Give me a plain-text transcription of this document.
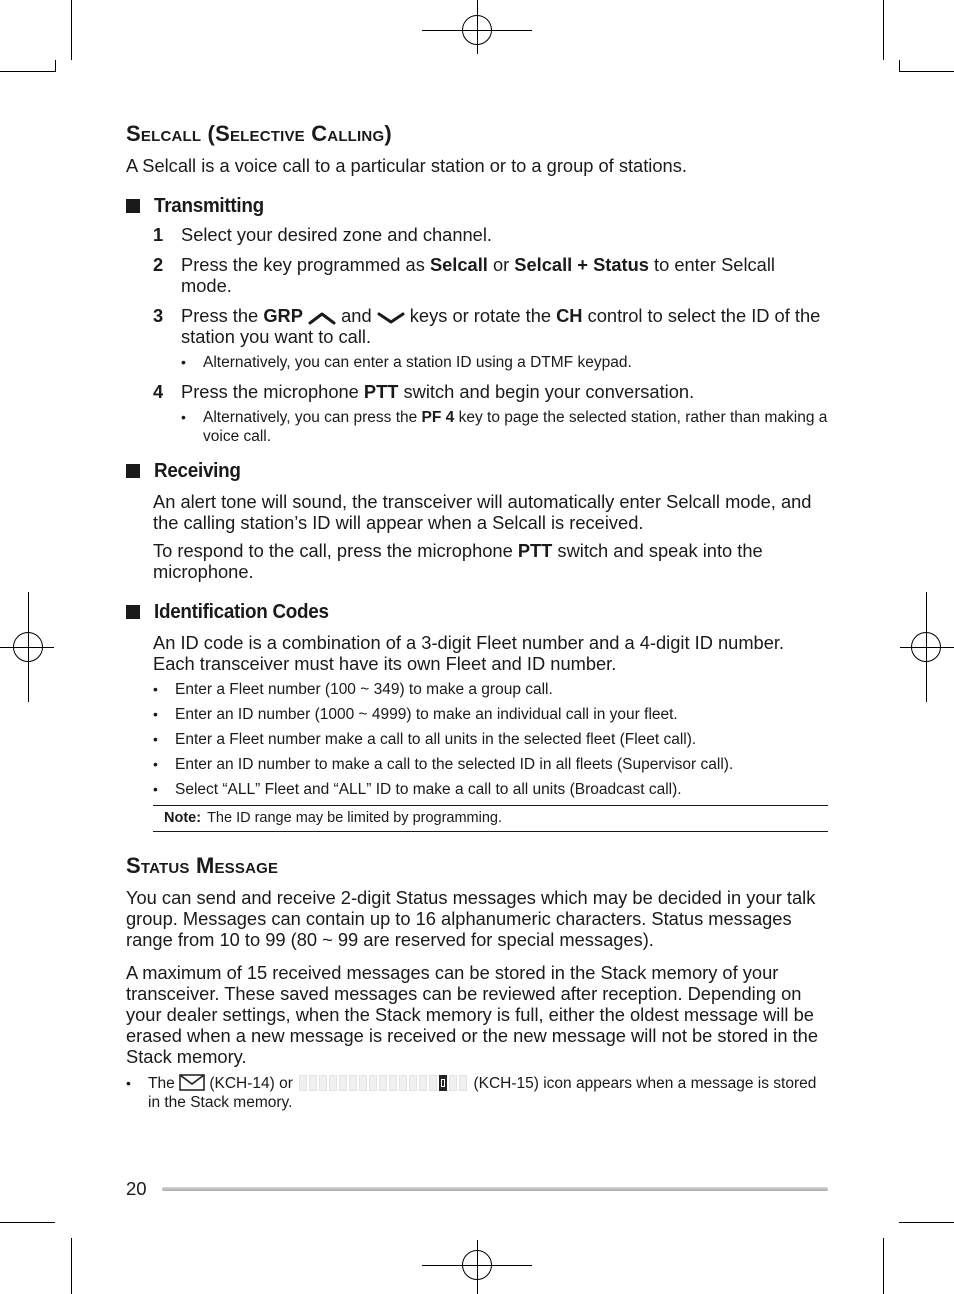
Selcall (Selective Calling)

A Selcall is a voice call to a particular station or to a group of stations.

Transmitting
1 Select your desired zone and channel.
2 Press the key programmed as Selcall or Selcall + Status to enter Selcall mode.
3 Press the GRP  and  keys or rotate the CH control to select the ID of the station you want to call.
• Alternatively, you can enter a station ID using a DTMF keypad.
4 Press the microphone PTT switch and begin your conversation.
• Alternatively, you can press the PF 4 key to page the selected station, rather than making a voice call.
Receiving

An alert tone will sound, the transceiver will automatically enter Selcall mode, and the calling station’s ID will appear when a Selcall is received.

To respond to the call, press the microphone PTT switch and speak into the microphone.

Identification Codes

An ID code is a combination of a 3-digit Fleet number and a 4-digit ID number. Each transceiver must have its own Fleet and ID number.

• Enter a Fleet number (100 ~ 349) to make a group call.
• Enter an ID number (1000 ~ 4999) to make an individual call in your fleet.
• Enter a Fleet number make a call to all units in the selected fleet (Fleet call).
• Enter an ID number to make a call to the selected ID in all fleets (Supervisor call).
• Select “ALL” Fleet and “ALL” ID to make a call to all units (Broadcast call).
Note: The ID range may be limited by programming.
Status Message

You can send and receive 2-digit Status messages which may be decided in your talk group. Messages can contain up to 16 alphanumeric characters. Status messages range from 10 to 99 (80 ~ 99 are reserved for special messages).

A maximum of 15 received messages can be stored in the Stack memory of your transceiver. These saved messages can be reviewed after reception. Depending on your dealer settings, when the Stack memory is full, either the oldest message will be erased when a new message is received or the new message will not be stored in the Stack memory.

• The  (KCH-14) or	(KCH-15) icon appears when a message is stored in the Stack memory.
20
